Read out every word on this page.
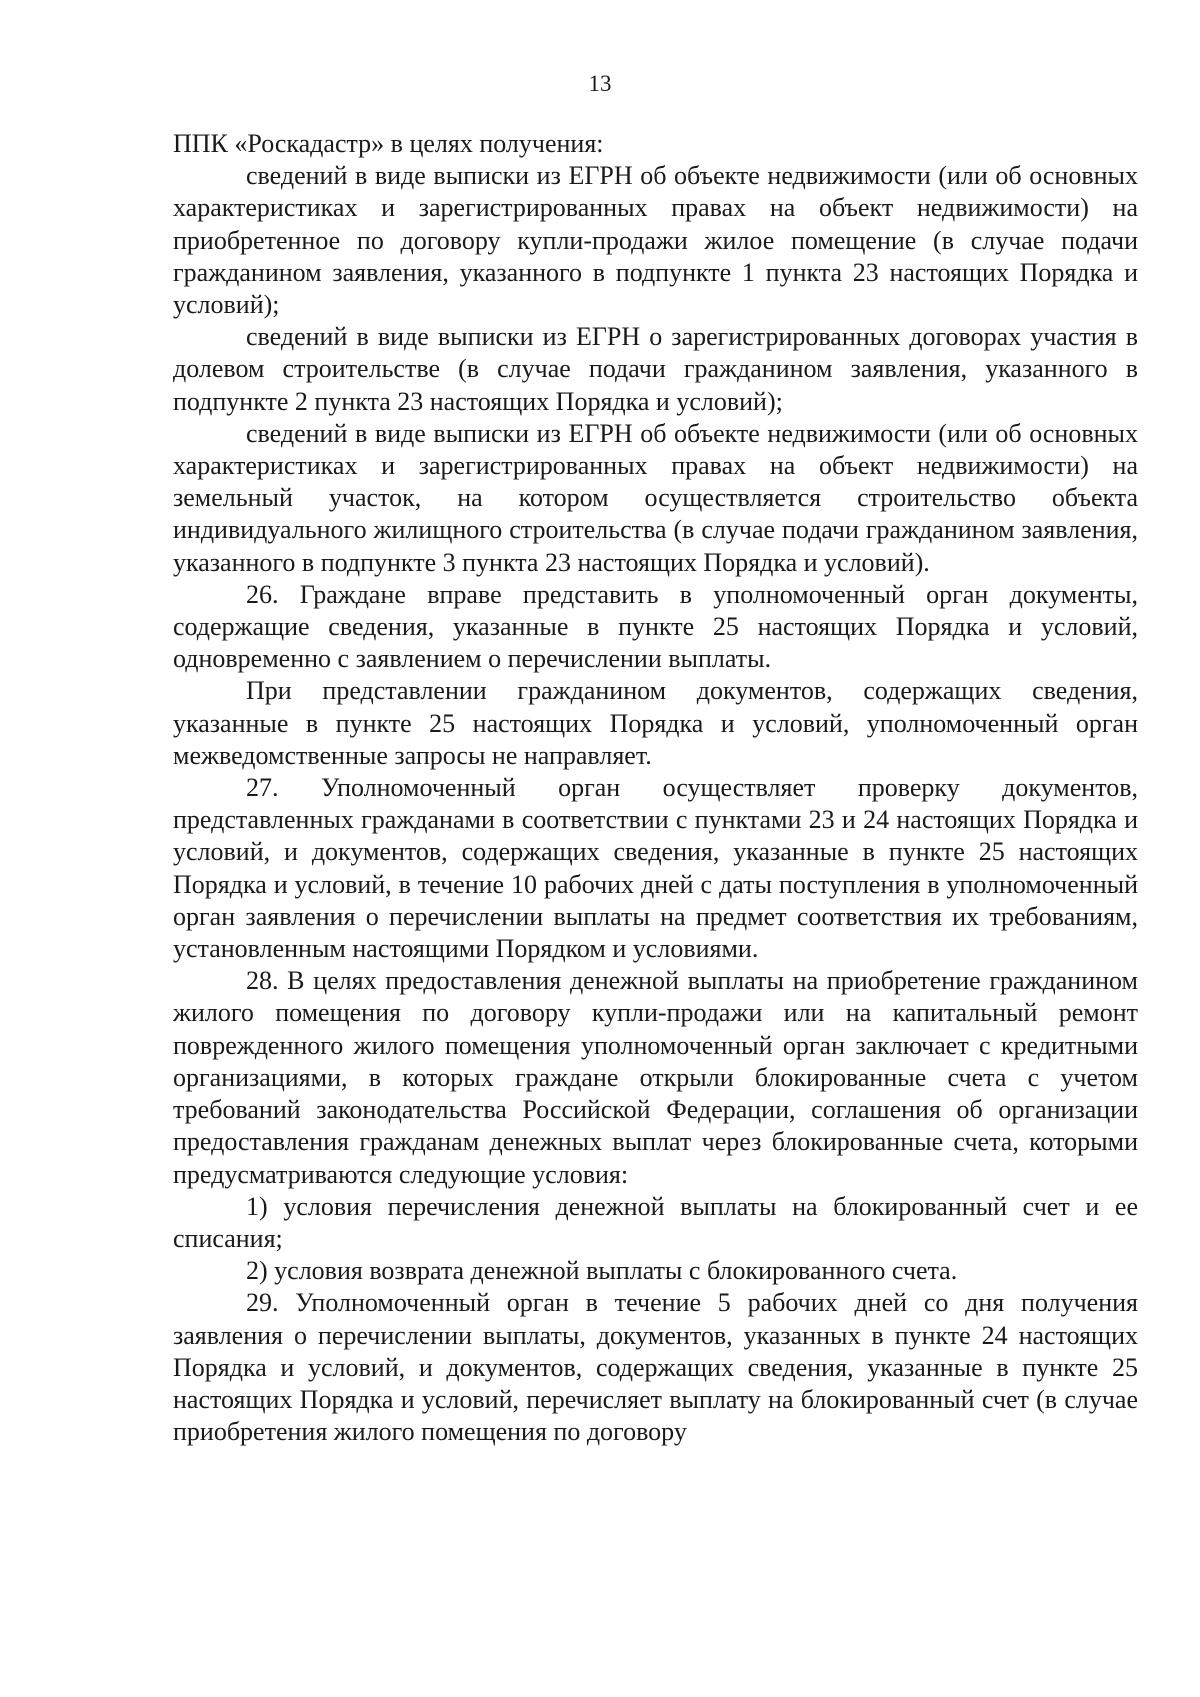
13

ППК «Роскадастр» в целях получения:

сведений в виде выписки из ЕГРН об объекте недвижимости (или об основных характеристиках и зарегистрированных правах на объект недвижимости) на приобретенное по договору купли-продажи жилое помещение (в случае подачи гражданином заявления, указанного в подпункте 1 пункта 23 настоящих Порядка и условий);

сведений в виде выписки из ЕГРН о зарегистрированных договорах участия в долевом строительстве (в случае подачи гражданином заявления, указанного в подпункте 2 пункта 23 настоящих Порядка и условий);

сведений в виде выписки из ЕГРН об объекте недвижимости (или об основных характеристиках и зарегистрированных правах на объект недвижимости) на земельный участок, на котором осуществляется строительство объекта индивидуального жилищного строительства (в случае подачи гражданином заявления, указанного в подпункте 3 пункта 23 настоящих Порядка и условий).

26. Граждане вправе представить в уполномоченный орган документы, содержащие сведения, указанные в пункте 25 настоящих Порядка и условий, одновременно с заявлением о перечислении выплаты.

При представлении гражданином документов, содержащих сведения, указанные в пункте 25 настоящих Порядка и условий, уполномоченный орган межведомственные запросы не направляет.

27. Уполномоченный орган осуществляет проверку документов, представленных гражданами в соответствии с пунктами 23 и 24 настоящих Порядка и условий, и документов, содержащих сведения, указанные в пункте 25 настоящих Порядка и условий, в течение 10 рабочих дней с даты поступления в уполномоченный орган заявления о перечислении выплаты на предмет соответствия их требованиям, установленным настоящими Порядком и условиями.

28. В целях предоставления денежной выплаты на приобретение гражданином жилого помещения по договору купли-продажи или на капитальный ремонт поврежденного жилого помещения уполномоченный орган заключает с кредитными организациями, в которых граждане открыли блокированные счета с учетом требований законодательства Российской Федерации, соглашения об организации предоставления гражданам денежных выплат через блокированные счета, которыми предусматриваются следующие условия:

1) условия перечисления денежной выплаты на блокированный счет и ее списания;

2) условия возврата денежной выплаты с блокированного счета.

29. Уполномоченный орган в течение 5 рабочих дней со дня получения заявления о перечислении выплаты, документов, указанных в пункте 24 настоящих Порядка и условий, и документов, содержащих сведения, указанные в пункте 25 настоящих Порядка и условий, перечисляет выплату на блокированный счет (в случае приобретения жилого помещения по договору
